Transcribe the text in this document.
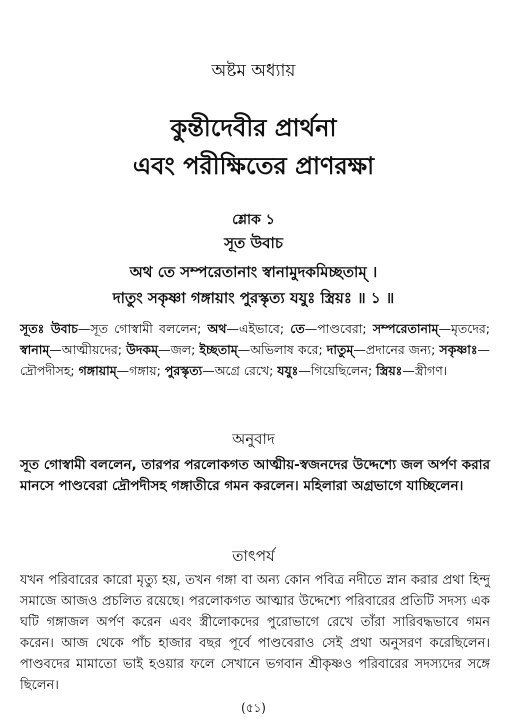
অষ্টম অধ্যায়
কুন্তীদেবীর প্রার্থনা
এবং পরীক্ষিতের প্রাণরক্ষা
শ্লোক ১
সূত উবাচ
অথ তে সম্পরেতানাং স্বানামুদকমিচ্ছতাম্ ।
দাতুং সকৃষ্ণা গঙ্গায়াং পুরস্কৃত্য যযুঃ স্ত্রিয়ঃ ॥ ১ ॥
সূতঃ উবাচ—সূত গোস্বামী বললেন; অথ—এইভাবে; তে—পাণ্ডবেরা; সম্পরেতানাম্—মৃতদের; স্বানাম্—আত্মীয়দের; উদকম্—জল; ইচ্ছতাম্—অভিলাষ করে; দাতুম্—প্রদানের জন্য; সকৃষ্ণাঃ—দ্রৌপদীসহ; গঙ্গায়াম্—গঙ্গায়; পুরস্কৃত্য—অগ্রে রেখে; যযুঃ—গিয়েছিলেন; স্ত্রিয়ঃ—স্ত্রীগণ।
অনুবাদ
সূত গোস্বামী বললেন, তারপর পরলোকগত আত্মীয়-স্বজনদের উদ্দেশ্যে জল অর্পণ করার মানসে পাণ্ডবেরা দ্রৌপদীসহ গঙ্গাতীরে গমন করলেন। মহিলারা অগ্রভাগে যাচ্ছিলেন।
তাৎপর্য
যখন পরিবারের কারো মৃত্যু হয়, তখন গঙ্গা বা অন্য কোন পবিত্র নদীতে স্নান করার প্রথা হিন্দু সমাজে আজও প্রচলিত রয়েছে। পরলোকগত আত্মার উদ্দেশ্যে পরিবারের প্রতিটি সদস্য এক ঘটি গঙ্গাজল অর্পণ করেন এবং স্ত্রীলোকদের পুরোভাগে রেখে তাঁরা সারিবদ্ধভাবে গমন করেন। আজ থেকে পাঁচ হাজার বছর পূর্বে পাণ্ডবেরাও সেই প্রথা অনুসরণ করেছিলেন। পাণ্ডবদের মামাতো ভাই হওয়ার ফলে সেখানে ভগবান শ্রীকৃষ্ণও পরিবারের সদস্যদের সঙ্গে ছিলেন।
(৫১)
